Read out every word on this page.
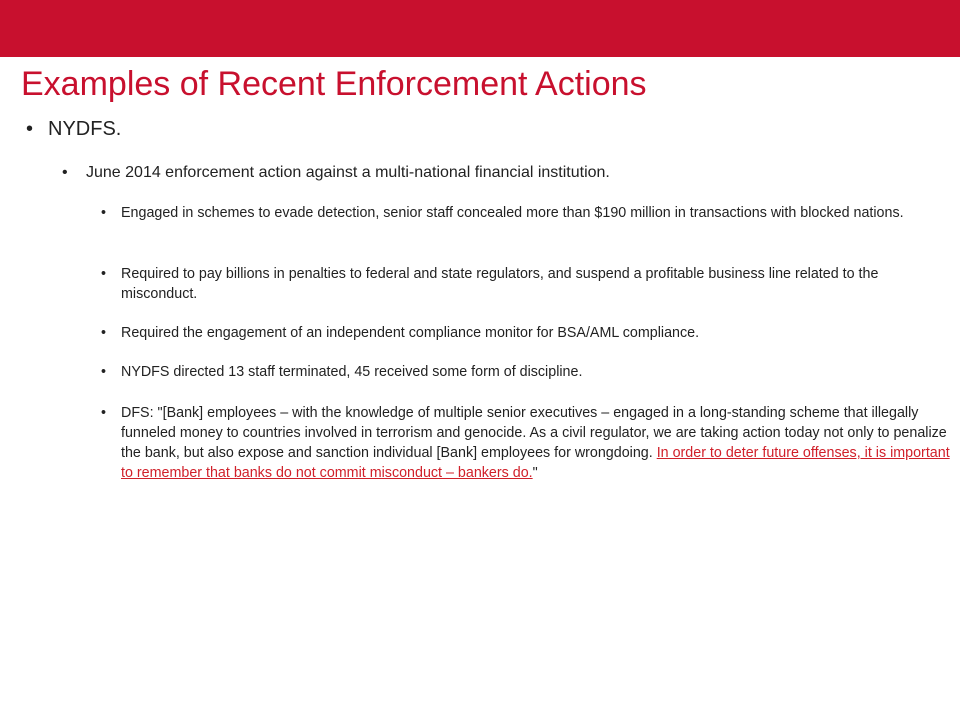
Examples of Recent Enforcement Actions
• NYDFS.
• June 2014 enforcement action against a multi-national financial institution.
• Engaged in schemes to evade detection, senior staff concealed more than $190 million in transactions with blocked nations.
• Required to pay billions in penalties to federal and state regulators, and suspend a profitable business line related to the misconduct.
• Required the engagement of an independent compliance monitor for BSA/AML compliance.
• NYDFS directed 13 staff terminated, 45 received some form of discipline.
• DFS: "[Bank] employees – with the knowledge of multiple senior executives – engaged in a long-standing scheme that illegally funneled money to countries involved in terrorism and genocide. As a civil regulator, we are taking action today not only to penalize the bank, but also expose and sanction individual [Bank] employees for wrongdoing. In order to deter future offenses, it is important to remember that banks do not commit misconduct – bankers do."
